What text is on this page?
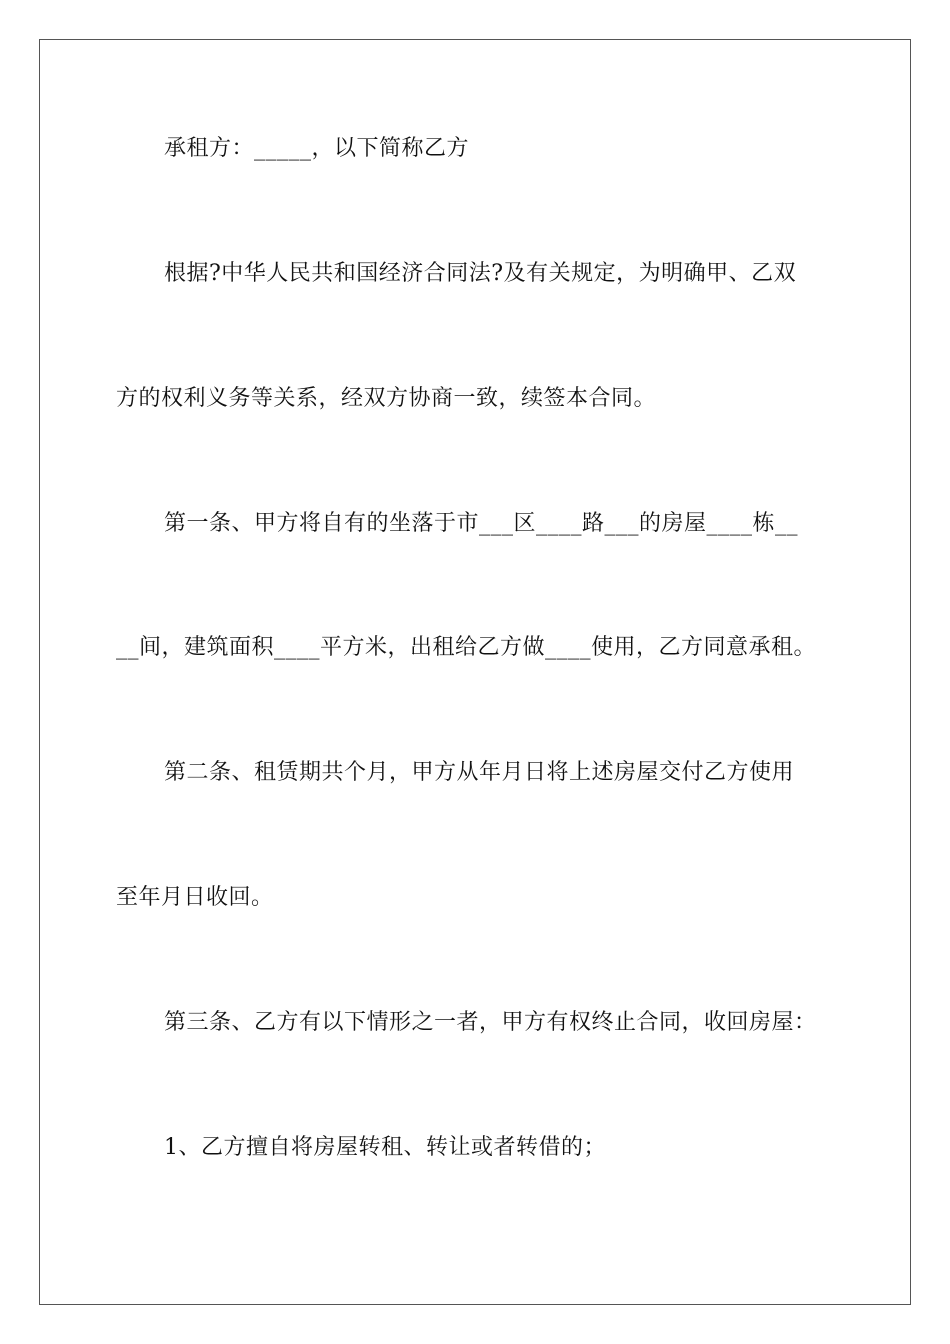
承租方：_____，以下简称乙方
根据?中华人民共和国经济合同法?及有关规定，为明确甲、乙双
方的权利义务等关系，经双方协商一致，续签本合同。
第一条、甲方将自有的坐落于市___区____路___的房屋____栋__
__间，建筑面积____平方米，出租给乙方做____使用，乙方同意承租。
第二条、租赁期共个月，甲方从年月日将上述房屋交付乙方使用
至年月日收回。
第三条、乙方有以下情形之一者，甲方有权终止合同，收回房屋：
1、乙方擅自将房屋转租、转让或者转借的；
